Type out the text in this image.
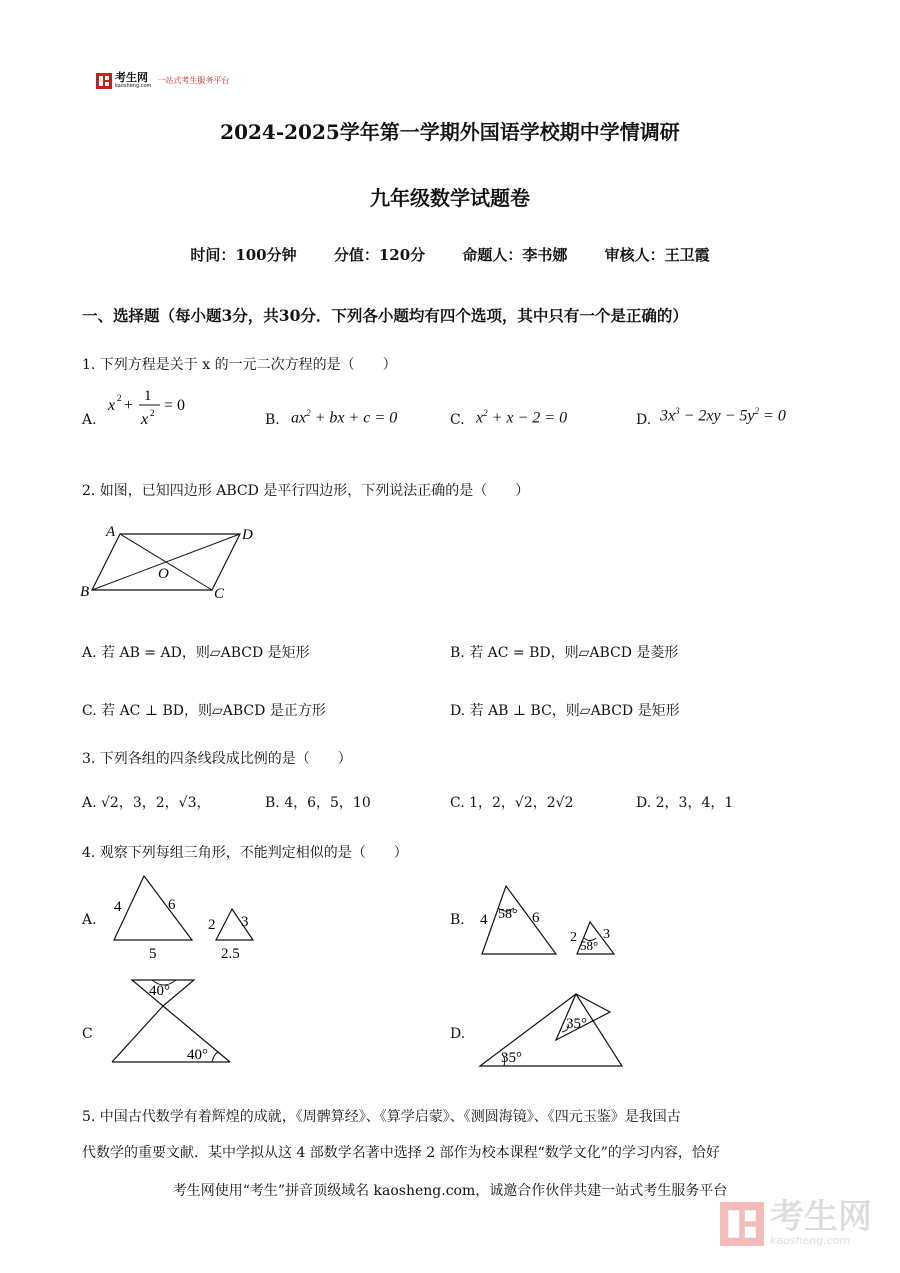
考生网
kaosheng.com
一站式考生服务平台
2024-2025学年第一学期外国语学校期中学情调研
九年级数学试题卷
时间：100分钟 分值：120分 命题人：李书娜 审核人：王卫霞
一、选择题（每小题3分，共30分．下列各小题均有四个选项，其中只有一个是正确的）
1. 下列方程是关于 x 的一元二次方程的是（　　）
A.
x 2 +
1
x 2 = 0
B. $ax^2$ + bx + c = 0	C. $x^2 + x - 2 = 0$	D. $3x^3 - 2xy - 5y^2 = 0$
2. 如图，已知四边形 ABCD 是平行四边形，下列说法正确的是（　　）
A	D
O
B	C
A. 若 AB = AD，则▱ABCD 是矩形	B. 若 AC = BD，则▱ABCD 是菱形
C. 若 AC ⊥ BD，则▱ABCD 是正方形	D. 若 AB ⊥ BC，则▱ABCD 是矩形
3. 下列各组的四条线段成比例的是（　　）
A. √2，3，2，√3，	B. 4，6，5，10	C. 1，2，√2，2√2	D. 2，3，4，1
4. 观察下列每组三角形，不能判定相似的是（　　）
A.
4	6
5
2 3
2.5
B. 4 58° 6
2
58°
3
C
40°
40°
D.
35°
35°
5. 中国古代数学有着辉煌的成就，《周髀算经》、《算学启蒙》、《测圆海镜》、《四元玉鉴》是我国古
代数学的重要文献．某中学拟从这 4 部数学名著中选择 2 部作为校本课程“数学文化”的学习内容，恰好
考生网使用“考生”拼音顶级域名 kaosheng.com，诚邀合作伙伴共建一站式考生服务平台
考生网
kaosheng.com
